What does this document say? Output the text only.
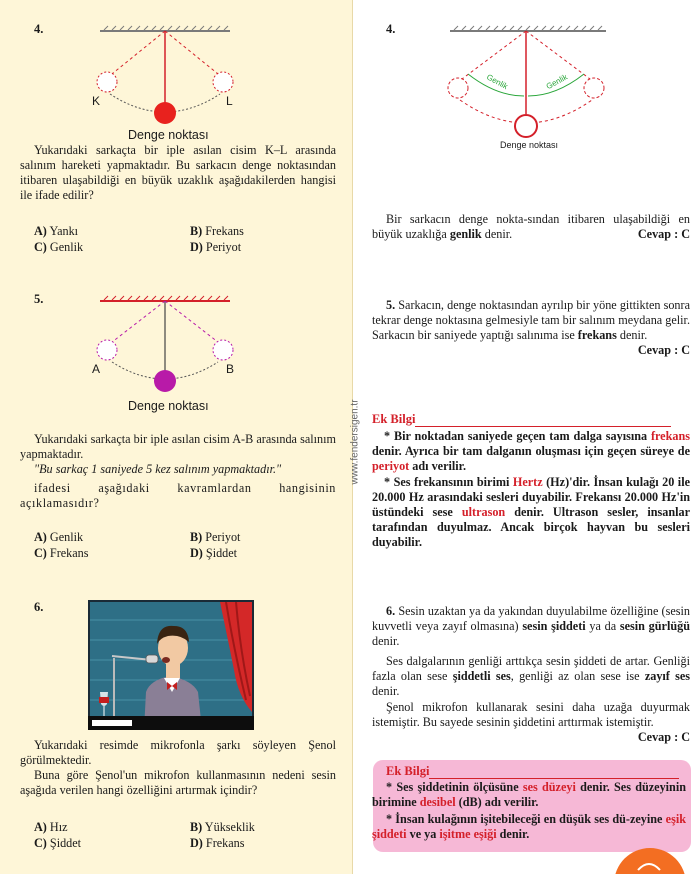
4.
K	L
Denge noktası
Yukarıdaki sarkaçta bir iple asılan cisim K–L arasında salınım hareketi yapmaktadır. Bu sarkacın denge noktasından itibaren ulaşabildiği en büyük uzaklık aşağıdakilerden hangisi ile ifade edilir?
A) Yankı	B) Frekans
C) Genlik	D) Periyot
5.
A	B
Denge noktası
Yukarıdaki sarkaçta bir iple asılan cisim A-B arasında salınım yapmaktadır.
"Bu sarkaç 1 saniyede 5 kez salınım yapmaktadır."
ifadesi aşağıdaki kavramlardan hangisinin açıklamasıdır?
A) Genlik	B) Periyot
C) Frekans	D) Şiddet
6.
Yukarıdaki resimde mikrofonla şarkı söyleyen Şenol görülmektedir.
Buna göre Şenol'un mikrofon kullanmasının nedeni sesin aşağıda verilen hangi özelliğini artırmak içindir?
A) Hız	B) Yükseklik
C) Şiddet	D) Frekans
www.fendersigen.tr
4.
Genlik	Genlik
Denge noktası
Bir sarkacın denge nokta-sından itibaren ulaşabildiği en büyük uzaklığa genlik denir.	Cevap : C
5. Sarkacın, denge noktasından ayrılıp bir yöne gittikten sonra tekrar denge noktasına gelmesiyle tam bir salınım meydana gelir. Sarkacın bir saniyede yaptığı salınıma ise frekans denir.
Cevap : C
Ek Bilgi
* Bir noktadan saniyede geçen tam dalga sayısına frekans denir. Ayrıca bir tam dalganın oluşması için geçen süreye de periyot adı verilir.
* Ses frekansının birimi Hertz (Hz)'dir. İnsan kulağı 20 ile 20.000 Hz arasındaki sesleri duyabilir. Frekansı 20.000 Hz'in üstündeki sese ultrason denir. Ultrason sesler, insanlar tarafından duyulmaz. Ancak birçok hayvan bu sesleri duyabilir.
6. Sesin uzaktan ya da yakından duyulabilme özelliğine (sesin kuvvetli veya zayıf olmasına) sesin şiddeti ya da sesin gürlüğü denir.
Ses dalgalarının genliği arttıkça sesin şiddeti de artar. Genliği fazla olan sese şiddetli ses, genliği az olan sese ise zayıf ses denir.
Şenol mikrofon kullanarak sesini daha uzağa duyurmak istemiştir. Bu sayede sesinin şiddetini arttırmak istemiştir.
Cevap : C
Ek Bilgi
* Ses şiddetinin ölçüsüne ses düzeyi denir. Ses düzeyinin birimine desibel (dB) adı verilir.
* İnsan kulağının işitebileceği en düşük ses dü-zeyine eşik şiddeti ve ya işitme eşiği denir.
